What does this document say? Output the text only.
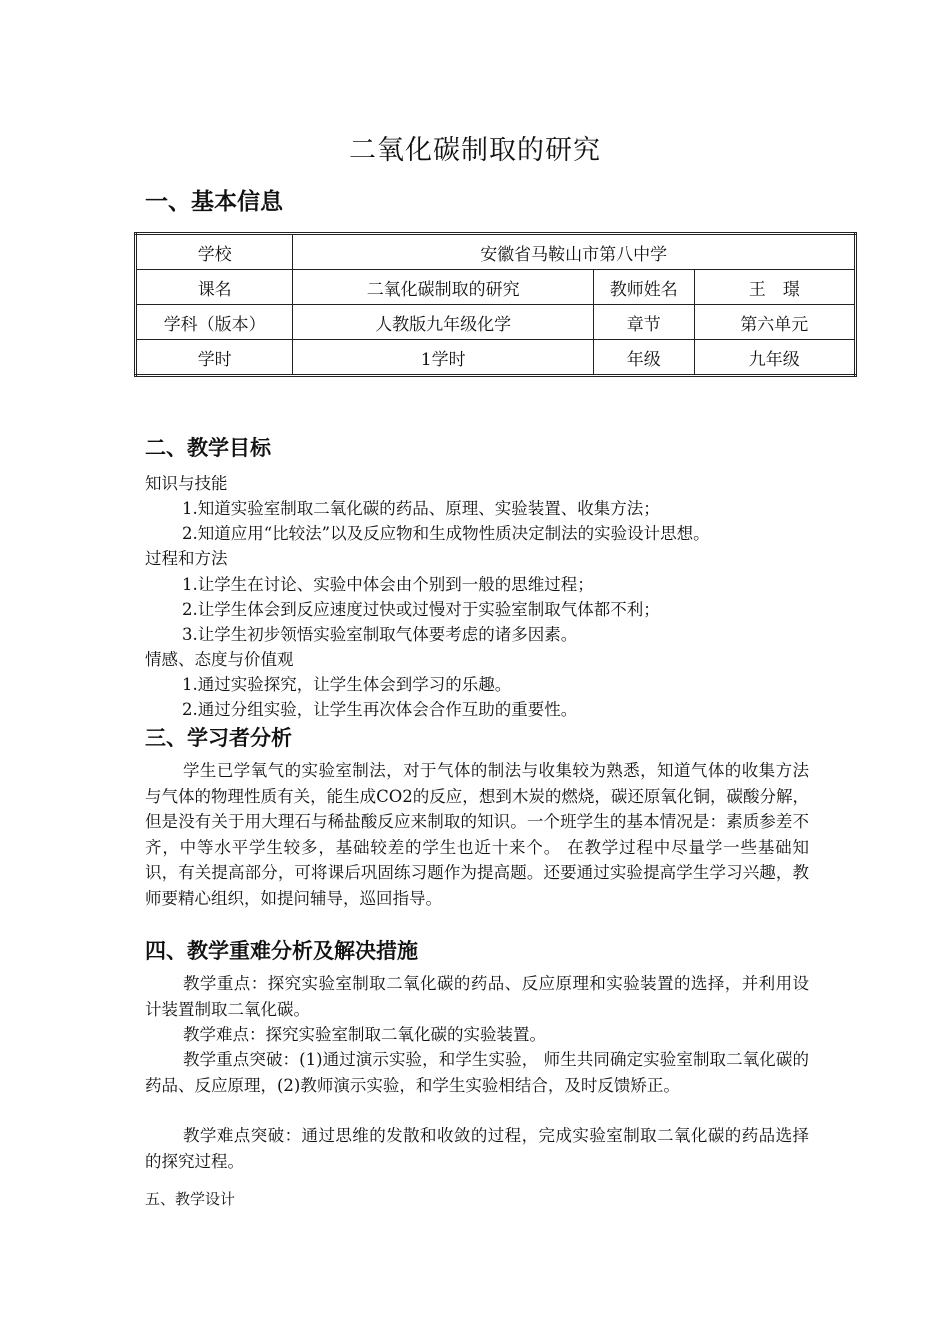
二氧化碳制取的研究
一、基本信息
学校	安徽省马鞍山市第八中学		
课名	二氧化碳制取的研究	教师姓名	王　璟
学科（版本）	人教版九年级化学	章节	第六单元
学时	1学时	年级	九年级
二、教学目标
知识与技能
1.知道实验室制取二氧化碳的药品、原理、实验装置、收集方法；
2.知道应用“比较法”以及反应物和生成物性质决定制法的实验设计思想。
过程和方法
1.让学生在讨论、实验中体会由个别到一般的思维过程；
2.让学生体会到反应速度过快或过慢对于实验室制取气体都不利；
3.让学生初步领悟实验室制取气体要考虑的诸多因素。
情感、态度与价值观
1.通过实验探究，让学生体会到学习的乐趣。
2.通过分组实验，让学生再次体会合作互助的重要性。
三、学习者分析
学生已学氧气的实验室制法，对于气体的制法与收集较为熟悉，知道气体的收集方法与气体的物理性质有关，能生成CO2的反应，想到木炭的燃烧，碳还原氧化铜，碳酸分解，但是没有关于用大理石与稀盐酸反应来制取的知识。一个班学生的基本情况是：素质参差不齐，中等水平学生较多，基础较差的学生也近十来个。 在教学过程中尽量学一些基础知识，有关提高部分，可将课后巩固练习题作为提高题。还要通过实验提高学生学习兴趣，教师要精心组织，如提问辅导，巡回指导。
四、教学重难分析及解决措施
教学重点：探究实验室制取二氧化碳的药品、反应原理和实验装置的选择，并利用设计装置制取二氧化碳。
教学难点：探究实验室制取二氧化碳的实验装置。
教学重点突破：(1)通过演示实验，和学生实验， 师生共同确定实验室制取二氧化碳的药品、反应原理，(2)教师演示实验，和学生实验相结合，及时反馈矫正。
教学难点突破：通过思维的发散和收敛的过程，完成实验室制取二氧化碳的药品选择的探究过程。
五、教学设计
